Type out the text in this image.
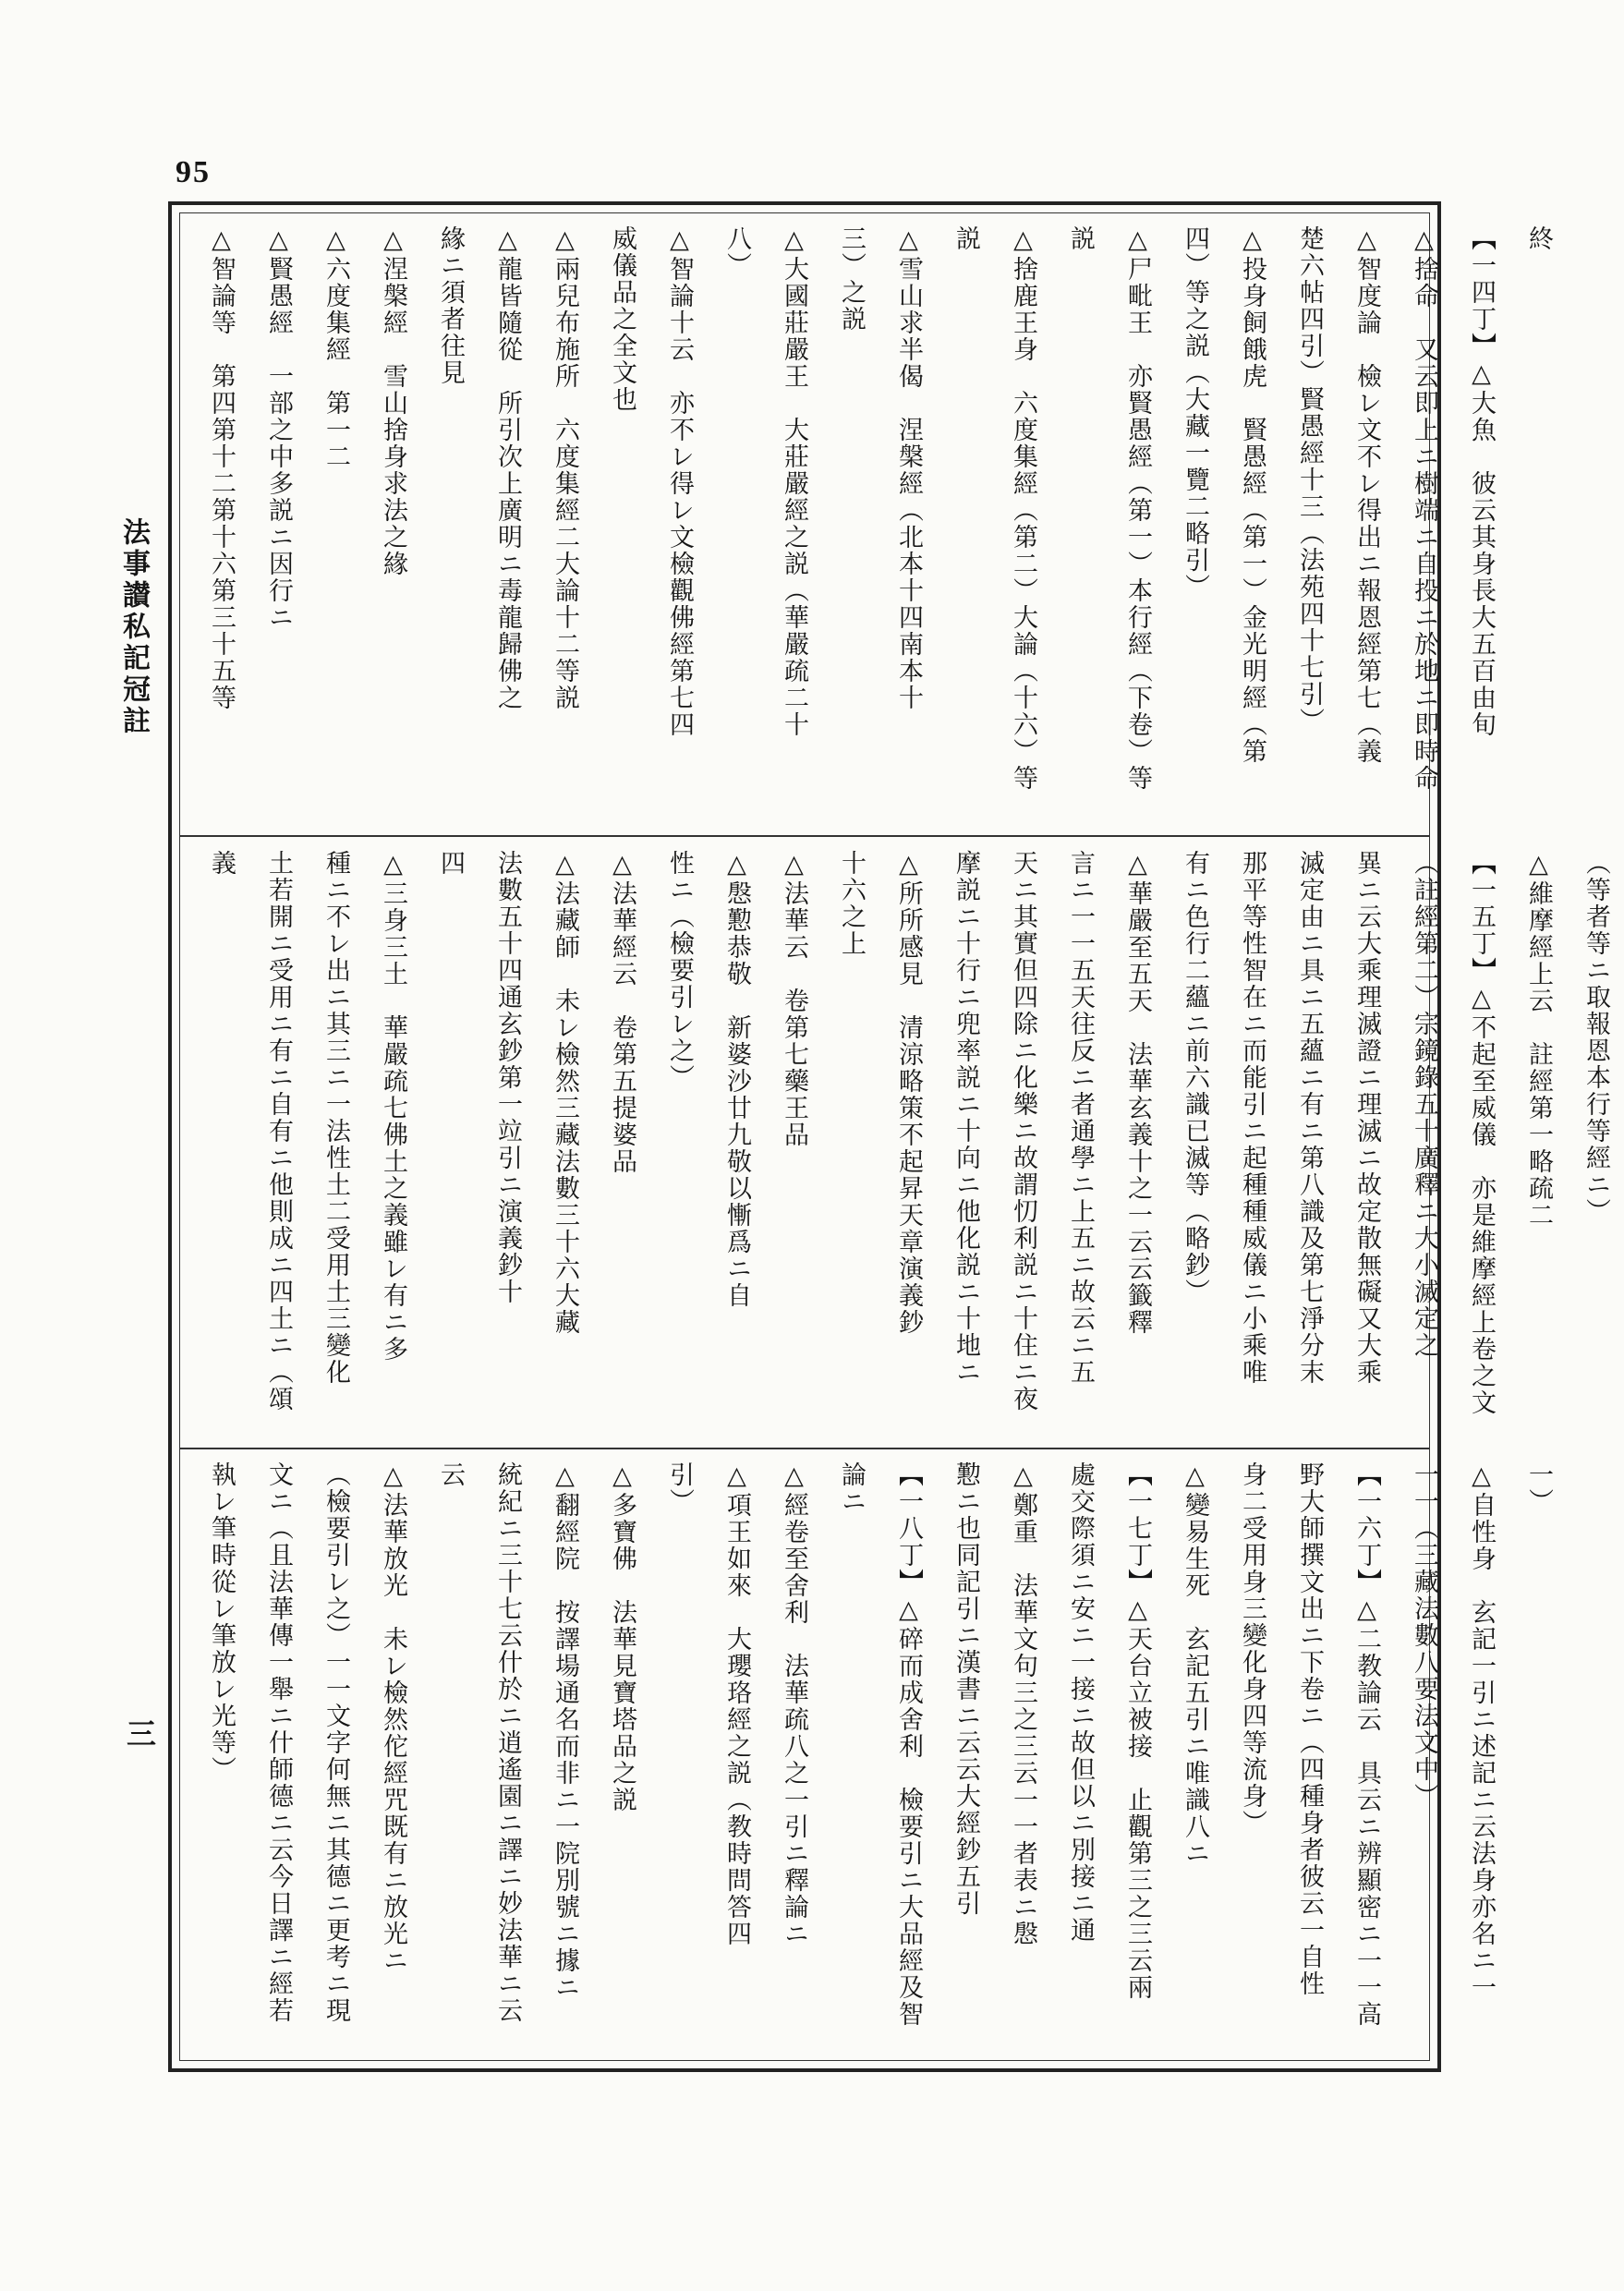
95
法事讃私記冠註
三
終
【一四丁】△大魚　彼云其身長大五百由旬
△捨命　又云即上ニ樹端ニ自投ニ於地ニ即時命
△智度論　檢レ文不レ得出ニ報恩經第七（義
楚六帖四引）賢愚經十三（法苑四十七引）
△投身飼餓虎　賢愚經（第一）金光明經（第
四）等之説（大藏一覽二略引）
△尸毗王　亦賢愚經（第一）本行經（下卷）等
説
△捨鹿王身　六度集經（第二）大論（十六）等
説
△雪山求半偈　涅槃經（北本十四南本十
三）之説
△大國莊嚴王　大莊嚴經之説（華嚴疏二十
八）
△智論十云　亦不レ得レ文檢觀佛經第七四
威儀品之全文也
△兩兒布施所　六度集經二大論十二等説
△龍皆隨從　所引次上廣明ニ毒龍歸佛之
緣ニ須者往見
△涅槃經　雪山捨身求法之緣
△六度集經　第一二
△賢愚經　一部之中多説ニ因行ニ
△智論等　第四第十二第十六第三十五等
（等者等ニ取報恩本行等經ニ）
△維摩經上云　註經第一略疏二
【一五丁】△不起至威儀　亦是維摩經上卷之文
（註經第二）宗鏡錄五十廣釋ニ大小滅定之
異ニ云大乘理滅證ニ理滅ニ故定散無礙又大乘
滅定由ニ具ニ五蘊ニ有ニ第八識及第七淨分末
那平等性智在ニ而能引ニ起種種威儀ニ小乘唯
有ニ色行二蘊ニ前六識已滅等（略鈔）
△華嚴至五天　法華玄義十之一云云籤釋
言ニ一一五天往反ニ者通學ニ上五ニ故云ニ五
天ニ其實但四除ニ化樂ニ故謂忉利説ニ十住ニ夜
摩説ニ十行ニ兜率説ニ十向ニ他化説ニ十地ニ
△所所感見　清涼略策不起昇天章演義鈔
十六之上
△法華云　卷第七藥王品
△慇懃恭敬　新婆沙廿九敬以慚爲ニ自
性ニ（檢要引レ之）
△法華經云　卷第五提婆品
△法藏師　未レ檢然三藏法數三十六大藏
法數五十四通玄鈔第一竝引ニ演義鈔十
四
△三身三土　華嚴疏七佛土之義雖レ有ニ多
種ニ不レ出ニ其三ニ一法性土二受用土三變化
土若開ニ受用ニ有ニ自有ニ他則成ニ四土ニ（頌義
一）
△自性身　玄記一引ニ述記ニ云法身亦名ニ一
一一（三藏法數八要法文中）
【一六丁】△二教論云　具云ニ辨顯密ニ一一高
野大師撰文出ニ下卷ニ（四種身者彼云一自性
身二受用身三變化身四等流身）
△變易生死　玄記五引ニ唯識八ニ
【一七丁】△天台立被接　止觀第三之三云兩
處交際須ニ安ニ一接ニ故但以ニ別接ニ通
△鄭重　法華文句三之三云一一者表ニ慇
懃ニ也同記引ニ漢書ニ云云大經鈔五引
【一八丁】△碎而成舍利　檢要引ニ大品經及智
論ニ
△經卷至舍利　法華疏八之一引ニ釋論ニ
△項王如來　大瓔珞經之説（教時問答四
引）
△多寶佛　法華見寶塔品之説
△翻經院　按譯場通名而非ニ一院別號ニ據ニ
統紀ニ三十七云什於ニ逍遙園ニ譯ニ妙法華ニ云
云
△法華放光　未レ檢然佗經咒既有ニ放光ニ
（檢要引レ之）一一文字何無ニ其德ニ更考ニ現
文ニ（且法華傳一舉ニ什師德ニ云今日譯ニ經若
執レ筆時從レ筆放レ光等）
